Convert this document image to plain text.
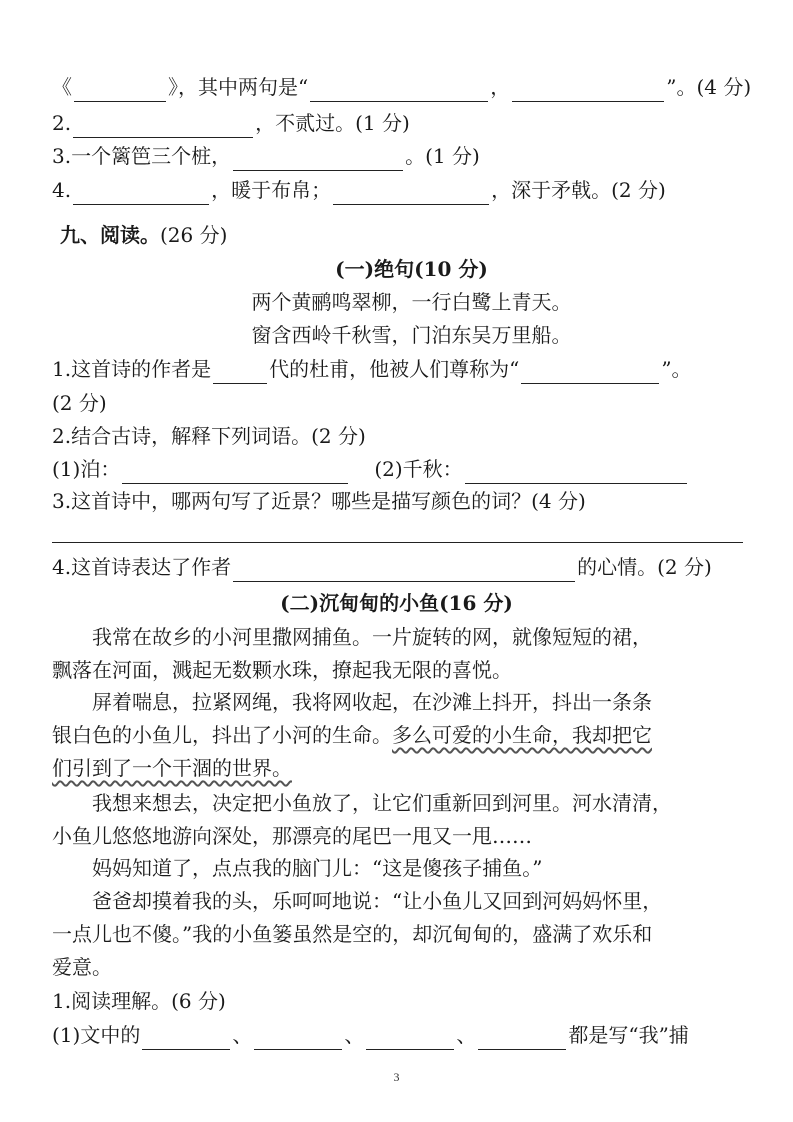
《	》，其中两句是“	，	”。(4 分)
2.	，不贰过。(1 分)
3.一个篱笆三个桩，	。(1 分)
4.	，暖于布帛；	，深于矛戟。(2 分)
九、阅读。(26 分)
(一)绝句(10 分)
两个黄鹂鸣翠柳，一行白鹭上青天。
窗含西岭千秋雪，门泊东吴万里船。
1.这首诗的作者是	代的杜甫，他被人们尊称为“	”。
(2 分)
2.结合古诗，解释下列词语。(2 分)
(1)泊：	(2)千秋：
3.这首诗中，哪两句写了近景？哪些是描写颜色的词？(4 分)
4.这首诗表达了作者	的心情。(2 分)
(二)沉甸甸的小鱼(16 分)
我常在故乡的小河里撒网捕鱼。一片旋转的网，就像短短的裙，
飘落在河面，溅起无数颗水珠，撩起我无限的喜悦。
屏着喘息，拉紧网绳，我将网收起，在沙滩上抖开，抖出一条条
银白色的小鱼儿，抖出了小河的生命。多么可爱的小生命，我却把它
们引到了一个干涸的世界。
我想来想去，决定把小鱼放了，让它们重新回到河里。河水清清，
小鱼儿悠悠地游向深处，那漂亮的尾巴一甩又一甩……
妈妈知道了，点点我的脑门儿：“这是傻孩子捕鱼。”
爸爸却摸着我的头，乐呵呵地说：“让小鱼儿又回到河妈妈怀里，
一点儿也不傻。”我的小鱼篓虽然是空的，却沉甸甸的，盛满了欢乐和
爱意。
1.阅读理解。(6 分)
(1)文中的	、	、	、	都是写“我”捕
3
